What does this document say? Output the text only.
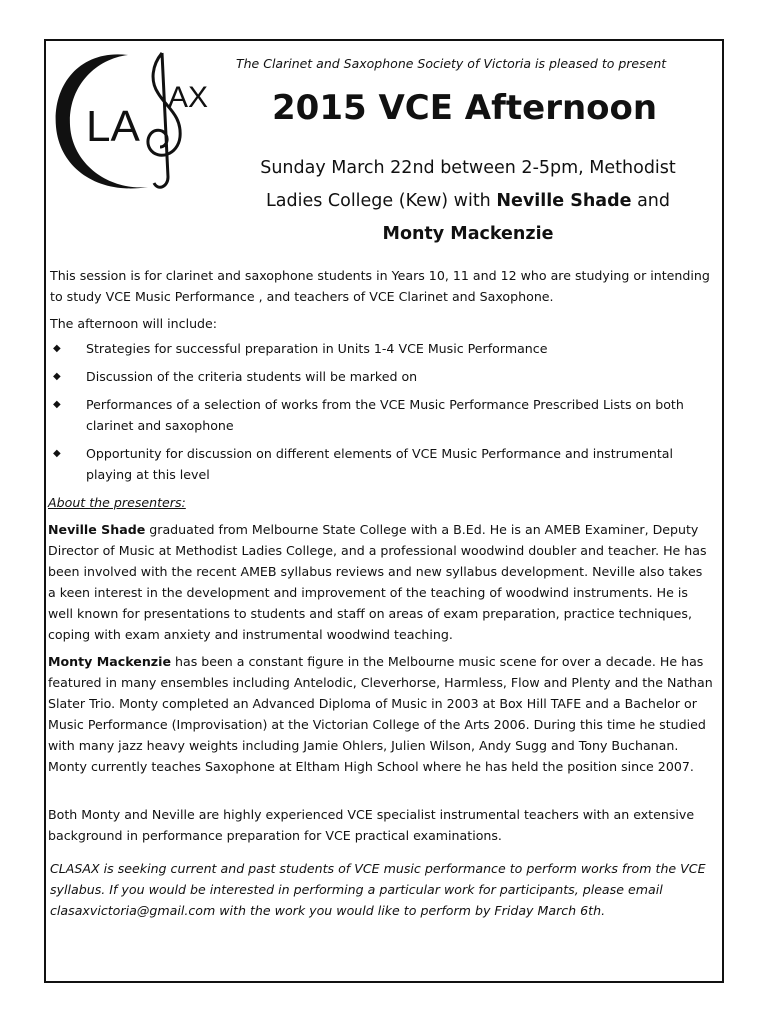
LA
AX
The Clarinet and Saxophone Society of Victoria is pleased to present
2015 VCE Afternoon
Sunday March 22nd between 2-5pm, Methodist
Ladies College (Kew) with Neville Shade and
Monty Mackenzie

This session is for clarinet and saxophone students in Years 10, 11 and 12 who are studying or intending to study VCE Music Performance , and teachers of VCE Clarinet and Saxophone.

The afternoon will include:

◆ Strategies for successful preparation in Units 1-4 VCE Music Performance
◆ Discussion of the criteria students will be marked on
◆ Performances of a selection of works from the VCE Music Performance Prescribed Lists on both clarinet and saxophone
◆ Opportunity for discussion on different elements of VCE Music Performance and instrumental playing at this level

About the presenters:

Neville Shade graduated from Melbourne State College with a B.Ed. He is an AMEB Examiner, Deputy Director of Music at Methodist Ladies College, and a professional woodwind doubler and teacher. He has been involved with the recent AMEB syllabus reviews and new syllabus development. Neville also takes a keen interest in the development and improvement of the teaching of woodwind instruments. He is well known for presentations to students and staff on areas of exam preparation, practice techniques, coping with exam anxiety and instrumental woodwind teaching.

Monty Mackenzie has been a constant figure in the Melbourne music scene for over a decade. He has featured in many ensembles including Antelodic, Cleverhorse, Harmless, Flow and Plenty and the Nathan Slater Trio. Monty completed an Advanced Diploma of Music in 2003 at Box Hill TAFE and a Bachelor or Music Performance (Improvisation) at the Victorian College of the Arts 2006. During this time he studied with many jazz heavy weights including Jamie Ohlers, Julien Wilson, Andy Sugg and Tony Buchanan. Monty currently teaches Saxophone at Eltham High School where he has held the position since 2007.

Both Monty and Neville are highly experienced VCE specialist instrumental teachers with an extensive background in performance preparation for VCE practical examinations.

CLASAX is seeking current and past students of VCE music performance to perform works from the VCE syllabus. If you would be interested in performing a particular work for participants, please email clasaxvictoria@gmail.com with the work you would like to perform by Friday March 6th.
